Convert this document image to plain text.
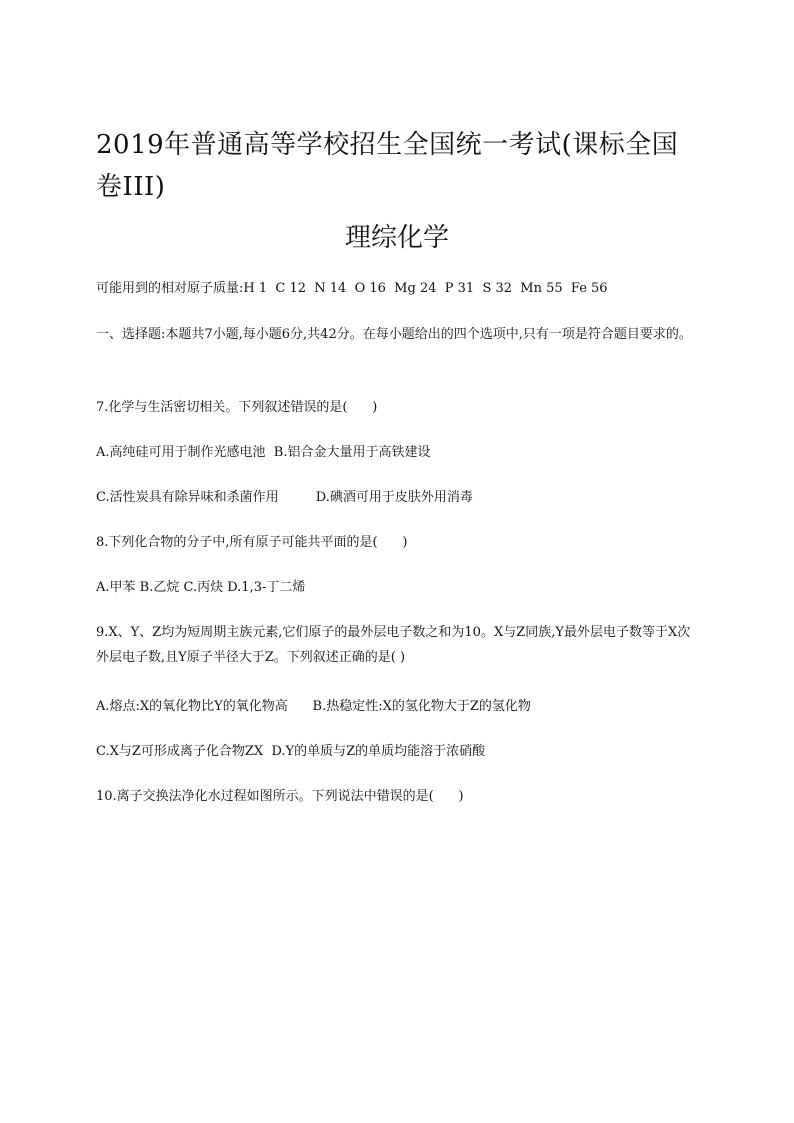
2019年普通高等学校招生全国统一考试(课标全国卷III)
理综化学

可能用到的相对原子质量:H 1  C 12  N 14  O 16  Mg 24  P 31  S 32  Mn 55  Fe 56

一、选择题:本题共7小题,每小题6分,共42分。在每小题给出的四个选项中,只有一项是符合题目要求的。

7.化学与生活密切相关。下列叙述错误的是(      )

A.高纯硅可用于制作光感电池  B.铝合金大量用于高铁建设

C.活性炭具有除异味和杀菌作用         D.碘酒可用于皮肤外用消毒

8.下列化合物的分子中,所有原子可能共平面的是(      )

A.甲苯 B.乙烷 C.丙炔 D.1,3-丁二烯

9.X、Y、Z均为短周期主族元素,它们原子的最外层电子数之和为10。X与Z同族,Y最外层电子数等于X次外层电子数,且Y原子半径大于Z。下列叙述正确的是( )

A.熔点:X的氧化物比Y的氧化物高      B.热稳定性:X的氢化物大于Z的氢化物

C.X与Z可形成离子化合物ZX  D.Y的单质与Z的单质均能溶于浓硝酸

10.离子交换法净化水过程如图所示。下列说法中错误的是(      )
